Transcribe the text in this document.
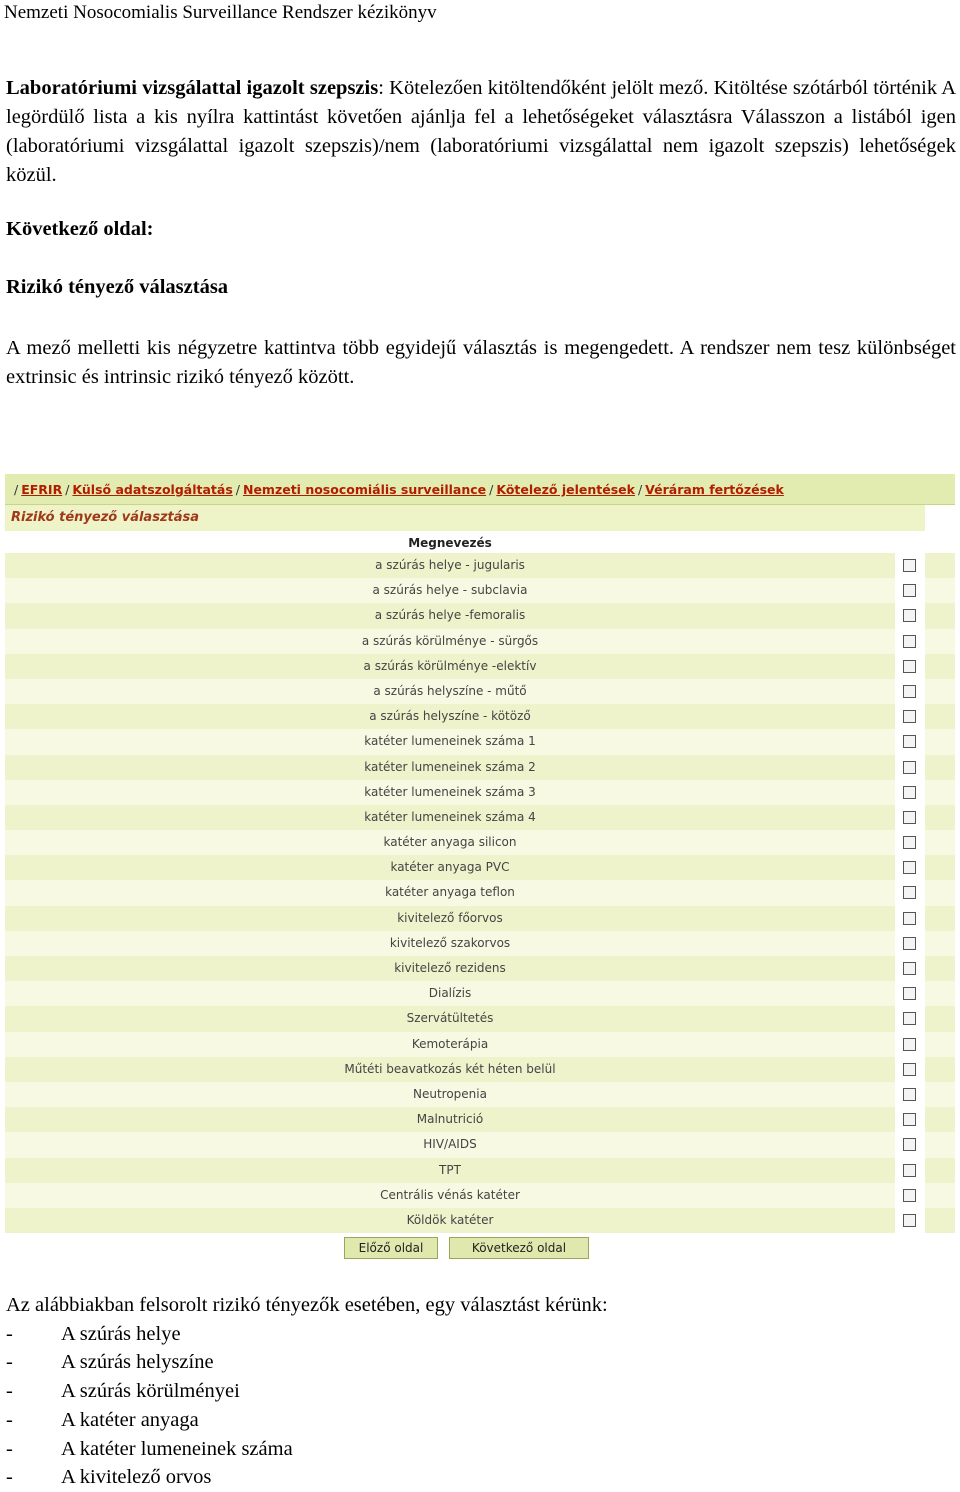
Nemzeti Nosocomialis Surveillance Rendszer kézikönyv
Laboratóriumi vizsgálattal igazolt szepszis: Kötelezően kitöltendőként jelölt mező. Kitöltése szótárból történik A legördülő lista a kis nyílra kattintást követően ajánlja fel a lehetőségeket választásra Válasszon a listából igen (laboratóriumi vizsgálattal igazolt szepszis)/nem (laboratóriumi vizsgálattal nem igazolt szepszis) lehetőségek közül.
Következő oldal:
Rizikó tényező választása
A mező melletti kis négyzetre kattintva több egyidejű választás is megengedett. A rendszer nem tesz különbséget extrinsic és intrinsic rizikó tényező között.
/ EFRIR / Külső adatszolgáltatás / Nemzeti nosocomiális surveillance / Kötelező jelentések / Véráram fertőzések
Rizikó tényező választása
Megnevezés
a szúrás helye - jugularis
a szúrás helye - subclavia
a szúrás helye -femoralis
a szúrás körülménye - sürgős
a szúrás körülménye -elektív
a szúrás helyszíne - műtő
a szúrás helyszíne - kötöző
katéter lumeneinek száma 1
katéter lumeneinek száma 2
katéter lumeneinek száma 3
katéter lumeneinek száma 4
katéter anyaga silicon
katéter anyaga PVC
katéter anyaga teflon
kivitelező főorvos
kivitelező szakorvos
kivitelező rezidens
Dialízis
Szervátültetés
Kemoterápia
Műtéti beavatkozás két héten belül
Neutropenia
Malnutrició
HIV/AIDS
TPT
Centrális vénás katéter
Köldök katéter
Előző oldal	Következő oldal
Az alábbiakban felsorolt rizikó tényezők esetében, egy választást kérünk:
- A szúrás helye
- A szúrás helyszíne
- A szúrás körülményei
- A katéter anyaga
- A katéter lumeneinek száma
- A kivitelező orvos
